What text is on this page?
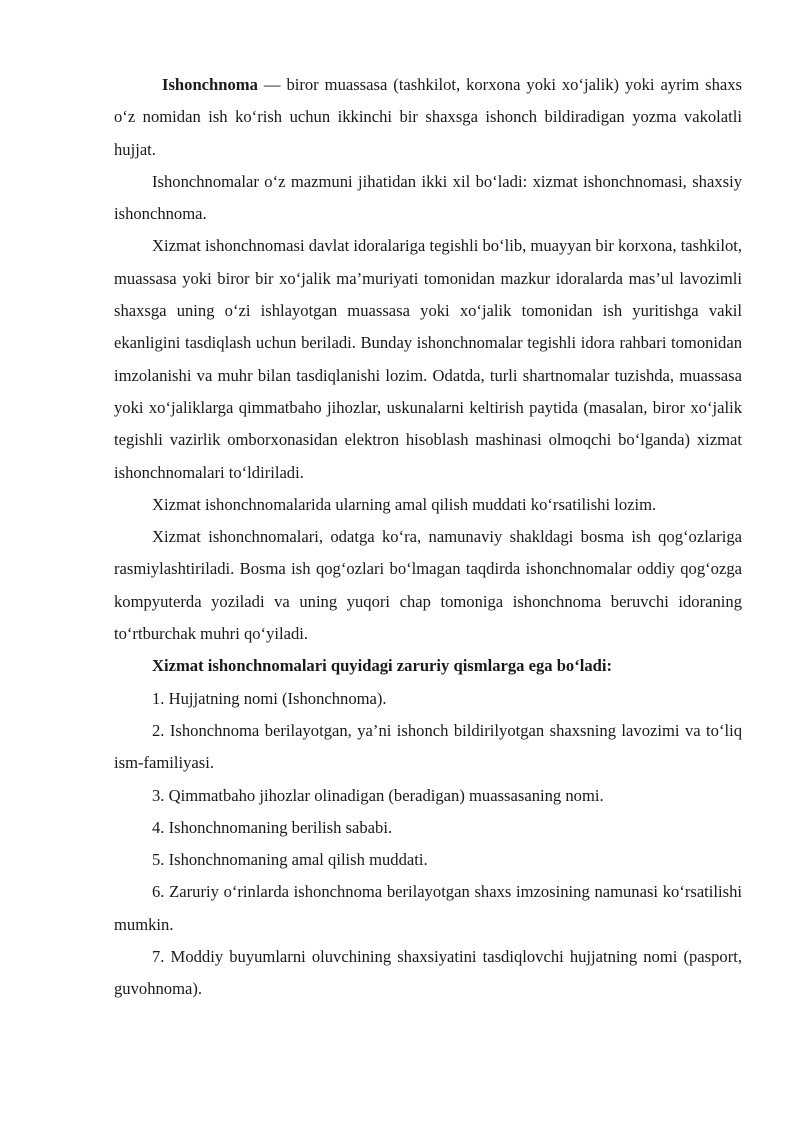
Ishonchnoma — biror muassasa (tashkilot, korxona yoki xo‘jalik) yoki ayrim shaxs o‘z nomidan ish ko‘rish uchun ikkinchi bir shaxsga ishonch bildiradigan yozma vakolatli hujjat.

Ishonchnomalar o‘z mazmuni jihatidan ikki xil bo‘ladi: xizmat ishonchnomasi, shaxsiy ishonchnoma.

Xizmat ishonchnomasi davlat idoralariga tegishli bo‘lib, muayyan bir korxona, tashkilot, muassasa yoki biror bir xo‘jalik ma’muriyati tomonidan mazkur idoralarda mas’ul lavozimli shaxsga uning o‘zi ishlayotgan muassasa yoki xo‘jalik tomonidan ish yuritishga vakil ekanligini tasdiqlash uchun beriladi. Bunday ishonchnomalar tegishli idora rahbari tomonidan imzolanishi va muhr bilan tasdiqlanishi lozim. Odatda, turli shartnomalar tuzishda, muassasa yoki xo‘jaliklarga qimmatbaho jihozlar, uskunalarni keltirish paytida (masalan, biror xo‘jalik tegishli vazirlik omborxonasidan elektron hisoblash mashinasi olmoqchi bo‘lganda) xizmat ishonchnomalari to‘ldiriladi.

Xizmat ishonchnomalarida ularning amal qilish muddati ko‘rsatilishi lozim.

Xizmat ishonchnomalari, odatga ko‘ra, namunaviy shakldagi bosma ish qog‘ozlariga rasmiylashtiriladi. Bosma ish qog‘ozlari bo‘lmagan taqdirda ishonchnomalar oddiy qog‘ozga kompyuterda yoziladi va uning yuqori chap tomoniga ishonchnoma beruvchi idoraning to‘rtburchak muhri qo‘yiladi.

Xizmat ishonchnomalari quyidagi zaruriy qismlarga ega bo‘ladi:

1. Hujjatning nomi (Ishonchnoma).

2. Ishonchnoma berilayotgan, ya’ni ishonch bildirilyotgan shaxsning lavozimi va to‘liq ism-familiyasi.

3. Qimmatbaho jihozlar olinadigan (beradigan) muassasaning nomi.

4. Ishonchnomaning berilish sababi.

5. Ishonchnomaning amal qilish muddati.

6. Zaruriy o‘rinlarda ishonchnoma berilayotgan shaxs imzosining namunasi ko‘rsatilishi mumkin.

7. Moddiy buyumlarni oluvchining shaxsiyatini tasdiqlovchi hujjatning nomi (pasport, guvohnoma).
